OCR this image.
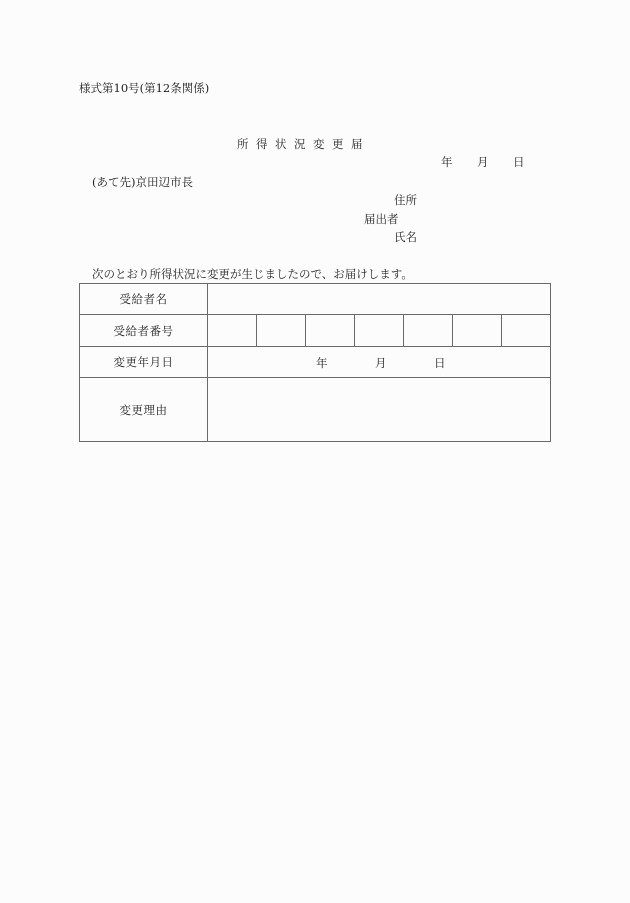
様式第10号(第12条関係)
所得状況変更届
年 月 日
(あて先)京田辺市長
住所
届出者
氏名
次のとおり所得状況に変更が生じましたので、お届けします。
受給者名	
受給者番号	

変更年月日	年 月 日

変更理由	
